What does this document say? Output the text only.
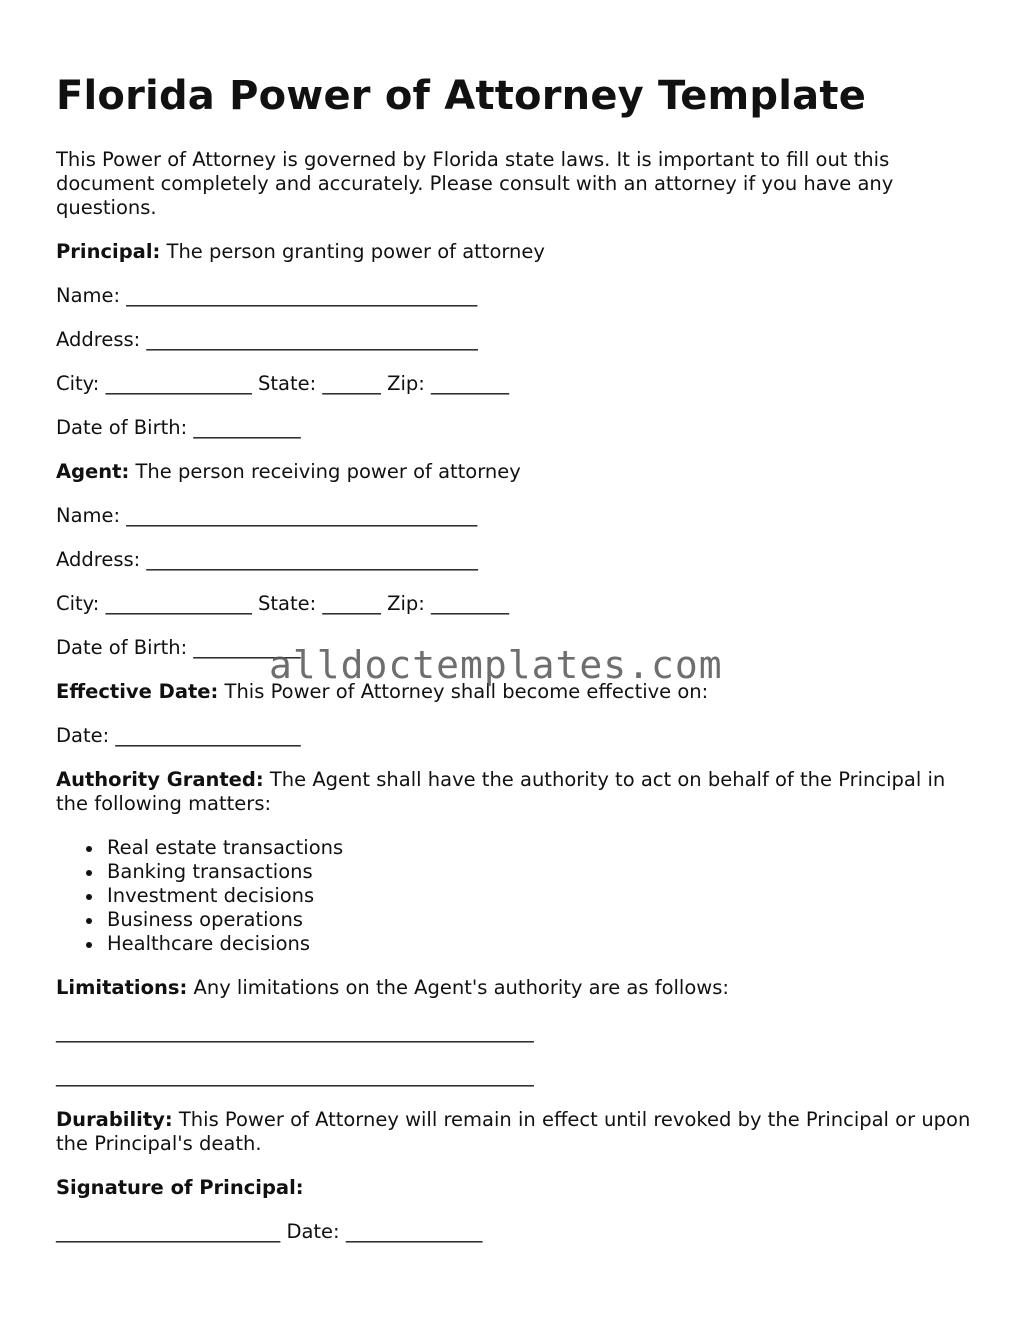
Florida Power of Attorney Template

This Power of Attorney is governed by Florida state laws. It is important to fill out this document completely and accurately. Please consult with an attorney if you have any questions.

Principal: The person granting power of attorney

Name: ____________________________________

Address: __________________________________

City: _______________ State: ______ Zip: ________

Date of Birth: ___________

Agent: The person receiving power of attorney

Name: ____________________________________

Address: __________________________________

City: _______________ State: ______ Zip: ________

Date of Birth: ___________

Effective Date: This Power of Attorney shall become effective on:

Date: ___________________

Authority Granted: The Agent shall have the authority to act on behalf of the Principal in the following matters:

Real estate transactions
Banking transactions
Investment decisions
Business operations
Healthcare decisions

Limitations: Any limitations on the Agent's authority are as follows:

_________________________________________________

_________________________________________________

Durability: This Power of Attorney will remain in effect until revoked by the Principal or upon the Principal's death.

Signature of Principal:

_______________________ Date: ______________

alldoctemplates.com
